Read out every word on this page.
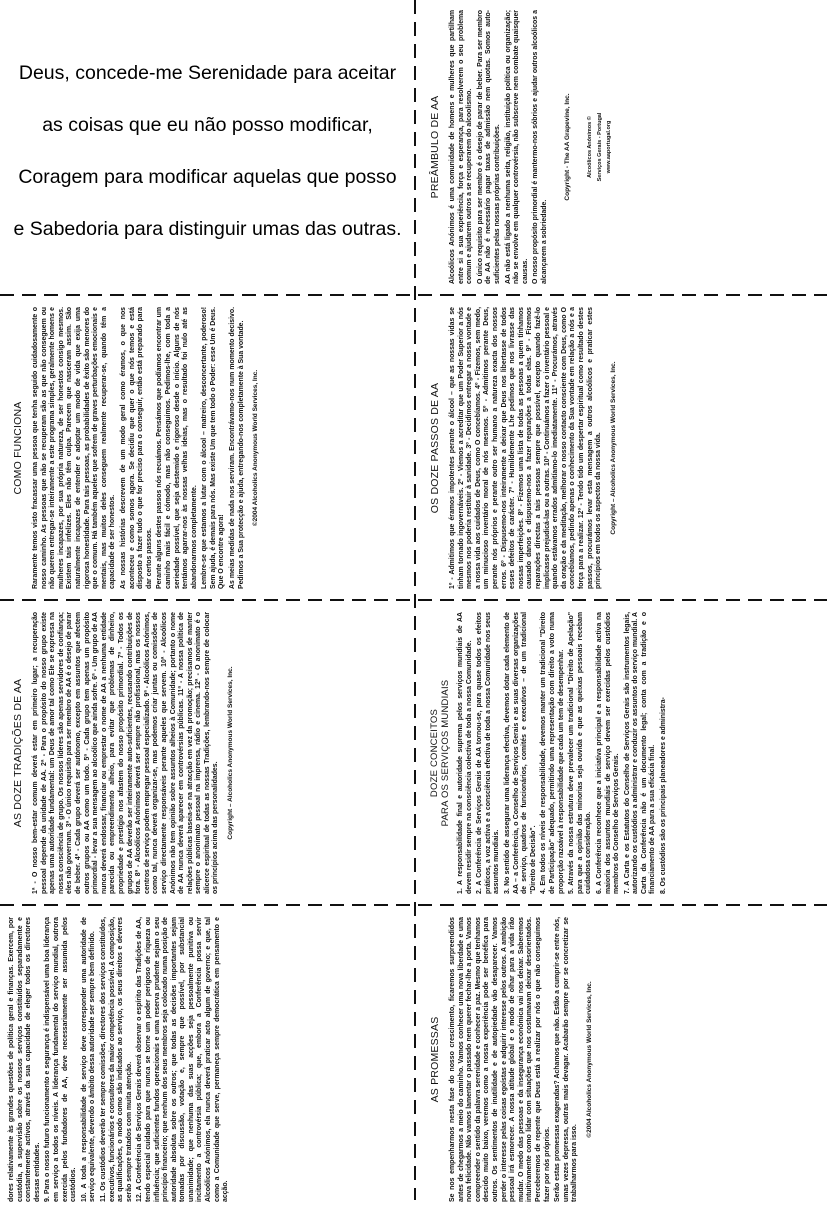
Deus, concede-me Serenidade para aceitar
as coisas que eu não posso modificar,
Coragem para modificar aquelas que posso
e Sabedoria para distinguir umas das outras.
PREÂMBULO DE AA Alcoólicos Anónimos é uma comunidade de homens e mulheres que partilham entre si a sua experiência, força e esperança, para resolverem o seu problema comum e ajudarem outros a se recuperarem do alcoolismo. O único requisito para ser membro é o desejo de parar de beber. Para ser membro de AA não é necessário pagar taxas de admissão nem quotas. Somos auto-suficientes pelas nossas próprias contribuições. AA não está ligado a nenhuma seita, religião, instituição política ou organização; não se envolve em qualquer controvérsia, não subscreve nem combate quaisquer causas. O nosso propósito primordial é mantermo-nos sóbrios e ajudar outros alcoólicos a alcançarem a sobriedade.

Copyright - The AA Grapevine, Inc.	Alcoólicos Anónimos © Serviços Gerais - Portugal www.aaportugal.org

COMO FUNCIONA Raramente temos visto fracassar uma pessoa que tenha seguido cuidadosamente o nosso caminho. As pessoas que não se recuperam são as que não conseguem ou não querem entregar-se inteiramente a este programa simples, geralmente homens e mulheres incapazes, por sua própria natureza, de ser honestos consigo mesmos. Existem tais infelizes. Eles não têm culpa. Parecem que nasceram assim. São naturalmente incapazes de entender e adoptar um modo de vida que exija uma rigorosa honestidade. Para tais pessoas, as probabilidades de êxito são menores do que o comum. Há também aqueles que sofrem de graves perturbações emocionais e mentais, mas muitos deles conseguem realmente recuperar-se, quando têm a capacidade de ser honestos. As nossas histórias descrevem de um modo geral como éramos, o que nos aconteceu e como somos agora. Se decidiu que quer o que nós temos e está disposto a fazer tudo o que for preciso para o conseguir, então está preparado para dar certos passos. Perante alguns destes passos nós recuámos. Pensámos que podíamos encontrar um caminho mais fácil e cómodo, mas não conseguimos. Pedimos-lhe, com toda a seriedade possível, que seja destemido e rigoroso desde o início. Alguns de nós tentámos agarrar-nos às nossas velhas ideias, mas o resultado foi nulo até as abandonarmos completamente. Lembre-se que estamos a lutar com o álcool – matreiro, desconcertante, poderoso! Sem ajuda, é demais para nós. Mas existe Um que tem todo o Poder: esse Um é Deus. Que O encontre agora! As meias medidas de nada nos serviram. Encontrávamo-nos num momento decisivo. Pedimos a Sua protecção e ajuda, entregando-nos completamente à Sua vontade. ©2004 Alcoholics Anonymous World Services, Inc.	OS DOZE PASSOS DE AA 1º - Admitimos que éramos impotentes perante o álcool – que as nossas vidas se tinham tornado ingovernáveis. 2º - Viemos a acreditar que um Poder Superior a nós mesmos nos poderia restituir à sanidade. 3º - Decidimos entregar a nossa vontade e a nossa vida aos cuidados de Deus, como O concebíamos. 4º - Fizemos, sem medo, um minucioso inventário moral de nós mesmos. 5º - Admitimos perante Deus, perante nós próprios e perante outro ser humano a natureza exacta dos nossos erros. 6º - Dispusemo-nos inteiramente a deixar que Deus nos libertasse de todos esses defeitos de carácter. 7º - Humildemente Lhe pedimos que nos livrasse das nossas imperfeições. 8º - Fizemos uma lista de todas as pessoas a quem tínhamos causado danos e dispusemo-nos a fazer reparações a todas elas. 9º - Fizemos reparações directas a tais pessoas sempre que possível, excepto quando fazê-lo implicasse prejudicá-las ou a outras. 10º - Continuámos a fazer o inventário pessoal e quando estávamos errados admitíamo-lo imediatamente. 11º - Procurámos, através da oração e da meditação, melhorar o nosso contacto consciente com Deus, como O concebíamos, pedindo apenas o conhecimento da Sua vontade em relação a nós e a força para a realizar. 12º - Tendo tido um despertar espiritual como resultado destes passos, procurámos levar esta mensagem a outros alcoólicos e praticar estes princípios em todos os aspectos da nossa vida. Copyright – Alcoholics Anonymous World Services, Inc.

AS DOZE TRADIÇÕES DE AA 1ª - O nosso bem-estar comum deverá estar em primeiro lugar; a recuperação pessoal depende da unidade de AA. 2ª - Para o propósito do nosso grupo existe apenas uma autoridade fundamental: um Deus de amor tal como Ele se expressa na nossa consciência de grupo. Os nossos líderes são apenas servidores de confiança; eles não governam. 3ª - O único requisito para ser membro de AA é o desejo de parar de beber. 4ª - Cada grupo deverá ser autónomo, excepto em assuntos que afectem outros grupos ou AA como um todo. 5ª - Cada grupo tem apenas um propósito primordial - levar a sua mensagem ao alcoólico que ainda sofre. 6ª - Um grupo de AA nunca deverá endossar, financiar ou emprestar o nome de AA a nenhuma entidade parecida ou empreendimento alheio, para evitar que problemas de dinheiro, propriedade e prestígio nos afastem do nosso propósito primordial. 7ª - Todos os grupos de AA deverão ser inteiramente auto-suficientes, recusando contribuições de fora. 8ª - Alcoólicos Anónimos deverá ser sempre não profissional, mas os nossos centros de serviço podem empregar pessoal especializado. 9ª - Alcoólicos Anónimos, como tal, nunca deverá organizar-se, mas podemos criar juntas ou comissões de serviço directamente responsáveis perante aqueles que servem. 10ª - Alcoólicos Anónimos não tem opinião sobre assuntos alheios à Comunidade; portanto o nome de AA nunca deverá aparecer em controvérsias públicas. 11ª - A nossa política de relações públicas baseia-se na atracção em vez da promoção; precisamos de manter sempre o anonimato pessoal na imprensa, rádio e cinema. 12ª - O anonimato é o alicerce espiritual de todas as nossas Tradições, lembrando-nos sempre de colocar os princípios acima das personalidades. Copyright – Alcoholics Anonymous World Services, Inc.	DOZE CONCEITOS
PARA OS SERVIÇOS MUNDIAIS 1. A responsabilidade final e autoridade suprema pelos serviços mundiais de AA devem residir sempre na consciência colectiva de toda a nossa Comunidade. 2. A Conferência de Serviços Gerais de AA tornou-se, para quase todos os efeitos práticos, a voz activa e a consciência efectiva de toda a nossa Comunidade nos seus assuntos mundiais. 3. No sentido de assegurar uma liderança efectiva, devemos dotar cada elemento de AA – a Conferência, o Conselho de Serviços Gerais e as suas diversas organizações de serviço, quadros de funcionários, comités e executivos – de um tradicional "Direito de Decisão". 4. Em todos os níveis de responsabilidade, devemos manter um tradicional "Direito de Participação" adequado, permitindo uma representação com direito a voto numa proporção razoável à responsabilidade que cada um tem de desempenhar. 5. Através da nossa estrutura deve prevalecer um tradicional "Direito de Apelação" para que a opinião das minorias seja ouvida e que as queixas pessoais recebam cuidadosa consideração. 6. A Conferência reconhece que a iniciativa principal e a responsabilidade activa na maioria dos assuntos mundiais de serviço devem ser exercidas pelos custódios membros do Conselho de Serviços Gerais. 7. A Carta e os Estatutos do Conselho de Serviços Gerais são instrumentos legais, autorizando os custódios a administrar e conduzir os assuntos do serviço mundial. A Carta da Conferência não é um documento legal; conta com a tradição e o financiamento de AA para a sua eficácia final. 8. Os custódios são os principais planeadores e administra-
dores relativamente às grandes questões de política geral e finanças. Exercem, por custódia, a supervisão sobre os nossos serviços constituídos separadamente e constantemente activos, através da sua capacidade de eleger todos os directores dessas entidades. 9. Para o nosso futuro funcionamento e segurança é indispensável uma boa liderança em serviço a todos os níveis. A liderança fundamental do serviço mundial, outrora exercida pelos fundadores de AA, deve necessariamente ser assumida pelos custódios. 10. A toda a responsabilidade de serviço deve corresponder uma autoridade de serviço equivalente, devendo o âmbito dessa autoridade ser sempre bem definido. 11. Os custódios deverão ter sempre comissões, directores dos serviços constituídos, executivos, funcionários e consultores da maior competência possível. A composição, as qualificações, o modo como são indicados ao serviço, os seus direitos e deveres serão sempre tratados com muita atenção. 12. A Conferência de Serviços Gerais deverá observar o espírito das Tradições de AA, tendo especial cuidado para que nunca se torne um poder perigoso de riqueza ou influência; que suficientes fundos operacionais e uma reserva prudente sejam o seu princípio financeiro; que nenhum dos seus membros seja colocado numa posição de autoridade absoluta sobre os outros; que todas as decisões importantes sejam tomadas por discussão, votação e, sempre que possível, por substancial unanimidade; que nenhuma das suas acções seja pessoalmente punitiva ou incitamento a controvérsia pública; que, embora a Conferência possa servir Alcoólicos Anónimos, ela nunca deverá praticar acto algum de governo; e que, tal como a Comunidade que serve, permaneça sempre democrática em pensamento e acção.
AS PROMESSAS Se nos empenharmos nesta fase do nosso crescimento, ficaremos surpreendidos antes de chegarmos a meio do caminho. Vamos conhecer uma nova liberdade e uma nova felicidade. Não vamos lamentar o passado nem querer fechar-lhe a porta. Vamos compreender o sentido da palavra serenidade e conhecer a paz. Mesmo que tenhamos descido muito baixo, veremos como a nossa experiência pode ser benéfica para outros. Os sentimentos de inutilidade e de autopiedade vão desaparecer. Vamos perder o interesse pelas coisas egoístas e adquirir interesse pelos outros. A ambição pessoal irá esmorecer. A nossa atitude global e o modo de olhar para a vida irão mudar. O medo das pessoas e da insegurança económica vai nos deixar. Saberemos intuitivamente como lidar com situações que nos costumavam deixar desorientados. Perceberemos de repente que Deus está a realizar por nós o que não conseguimos fazer por nós próprios. Serão estas promessas exageradas? Achamos que não. Estão a cumprir-se entre nós, umas vezes depressa, outras mais devagar. Acabarão sempre por se concretizar se trabalharmos para isso.

©2004 Alcoholics Anonymous World Services, Inc.
